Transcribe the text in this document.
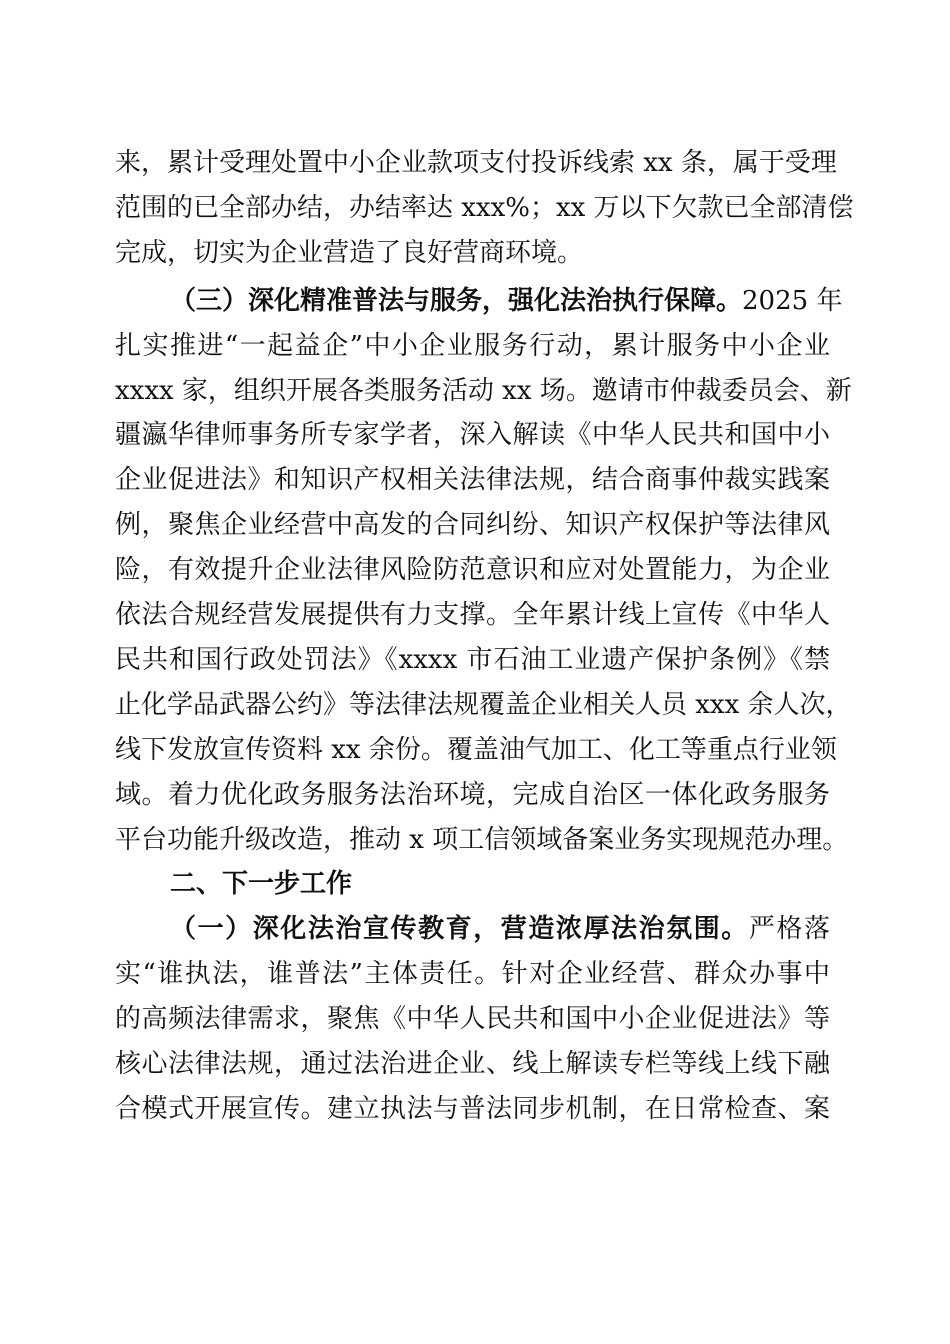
来，累计受理处置中小企业款项支付投诉线索 xx 条，属于受理
范围的已全部办结，办结率达 xxx%；xx 万以下欠款已全部清偿
完成，切实为企业营造了良好营商环境。
（三）深化精准普法与服务，强化法治执行保障。2025 年
扎实推进“一起益企”中小企业服务行动，累计服务中小企业
xxxx 家，组织开展各类服务活动 xx 场。邀请市仲裁委员会、新
疆瀛华律师事务所专家学者，深入解读《中华人民共和国中小
企业促进法》和知识产权相关法律法规，结合商事仲裁实践案
例，聚焦企业经营中高发的合同纠纷、知识产权保护等法律风
险，有效提升企业法律风险防范意识和应对处置能力，为企业
依法合规经营发展提供有力支撑。全年累计线上宣传《中华人
民共和国行政处罚法》《xxxx 市石油工业遗产保护条例》《禁
止化学品武器公约》等法律法规覆盖企业相关人员 xxx 余人次，
线下发放宣传资料 xx 余份。覆盖油气加工、化工等重点行业领
域。着力优化政务服务法治环境，完成自治区一体化政务服务
平台功能升级改造，推动 x 项工信领域备案业务实现规范办理。
二、下一步工作
（一）深化法治宣传教育，营造浓厚法治氛围。严格落
实“谁执法，谁普法”主体责任。针对企业经营、群众办事中
的高频法律需求，聚焦《中华人民共和国中小企业促进法》等
核心法律法规，通过法治进企业、线上解读专栏等线上线下融
合模式开展宣传。建立执法与普法同步机制，在日常检查、案
